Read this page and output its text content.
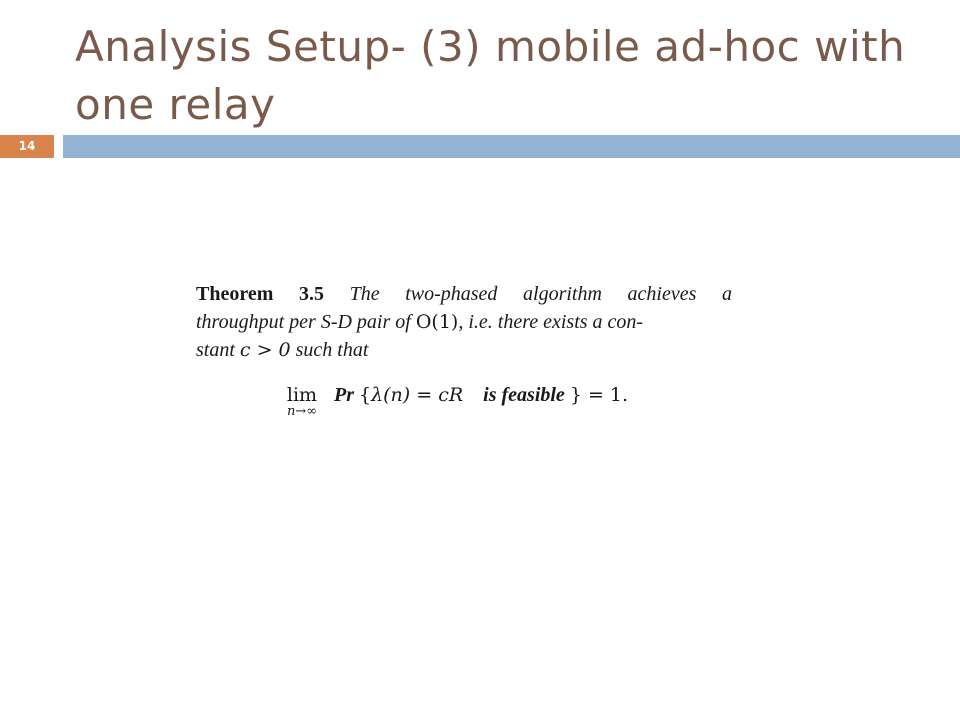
Analysis Setup- (3) mobile ad-hoc with one relay
14
Theorem 3.5 The two-phased algorithm achieves a
throughput per S-D pair of O(1), i.e. there exists a con-
stant c > 0 such that
lim
n→∞
Pr {λ(n) = cR is feasible } = 1.
